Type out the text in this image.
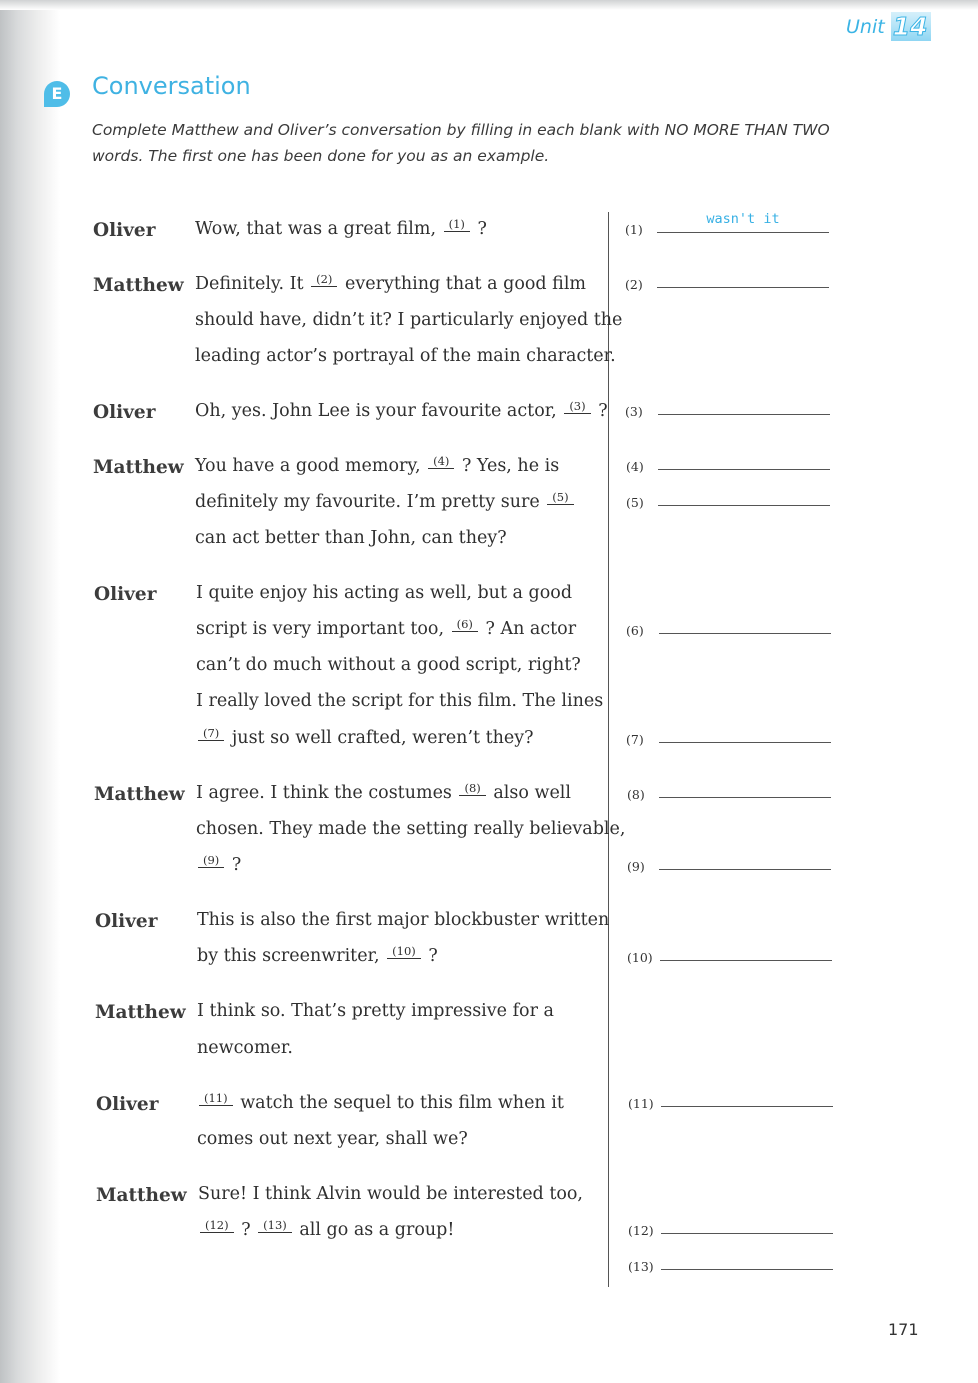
Unit 14
E	Conversation
Complete Matthew and Oliver’s conversation by filling in each blank with NO MORE THAN TWO words. The first one has been done for you as an example.
Oliver Wow, that was a great film, (1) ?
Matthew Definitely. It (2) everything that a good film
should have, didn’t it? I particularly enjoyed the
leading actor’s portrayal of the main character.
Oliver Oh, yes. John Lee is your favourite actor, (3) ?
Matthew You have a good memory, (4) ? Yes, he is
definitely my favourite. I’m pretty sure (5)
can act better than John, can they?
Oliver I quite enjoy his acting as well, but a good
script is very important too, (6) ? An actor
can’t do much without a good script, right?
I really loved the script for this film. The lines
(7) just so well crafted, weren’t they?
Matthew I agree. I think the costumes (8) also well
chosen. They made the setting really believable,
(9) ?
Oliver This is also the first major blockbuster written
by this screenwriter, (10) ?
Matthew I think so. That’s pretty impressive for a
newcomer.
Oliver	(11) watch the sequel to this film when it
comes out next year, shall we?
Matthew Sure! I think Alvin would be interested too,
(12) ? (13) all go as a group!
(1)
wasn't it
(2)
(3)
(4)
(5)
(6)
(7)
(8)
(9)
(10)
(11)
(12)
(13)
171
